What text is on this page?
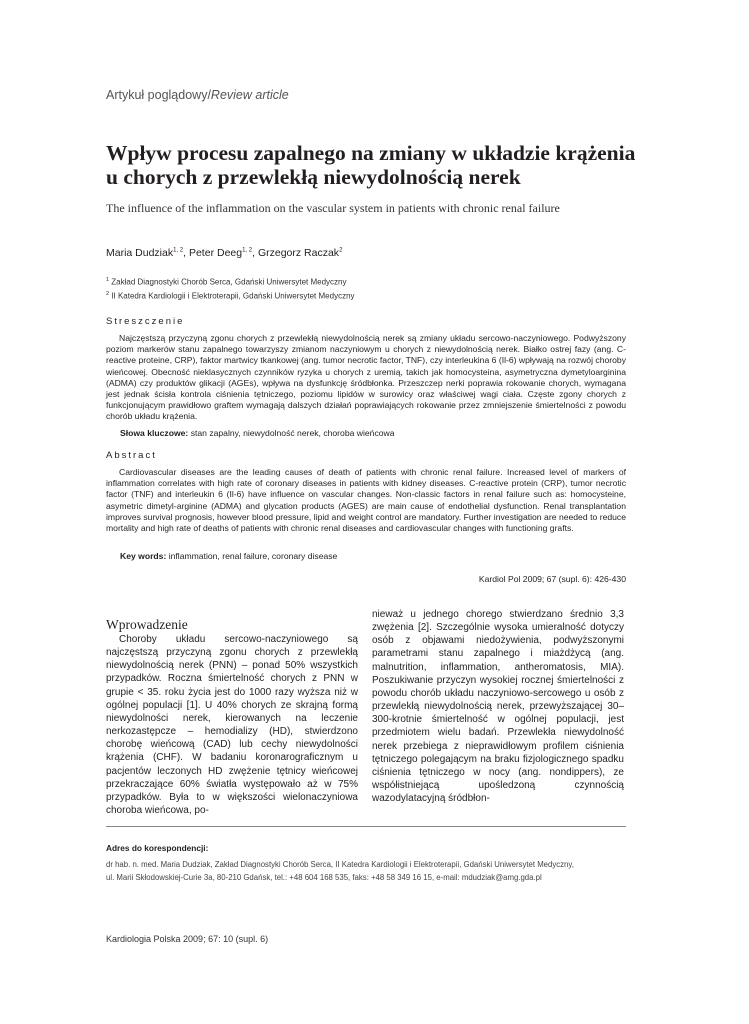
Artykuł poglądowy/Review article
Wpływ procesu zapalnego na zmiany w układzie krążenia
u chorych z przewlekłą niewydolnością nerek
The influence of the inflammation on the vascular system in patients with chronic renal failure
Maria Dudziak$^{1, 2}$, Peter Deeg$^{1, 2}$, Grzegorz Raczak$^2$
$^1$ Zakład Diagnostyki Chorób Serca, Gdański Uniwersytet Medyczny
$^2$ II Katedra Kardiologii i Elektroterapii, Gdański Uniwersytet Medyczny
Streszczenie

Najczęstszą przyczyną zgonu chorych z przewlekłą niewydolnością nerek są zmiany układu sercowo-naczyniowego. Podwyższony poziom markerów stanu zapalnego towarzyszy zmianom naczyniowym u chorych z niewydolnością nerek. Białko ostrej fazy (ang. C-reactive proteine, CRP), faktor martwicy tkankowej (ang. tumor necrotic factor, TNF), czy interleukina 6 (Il-6) wpływają na rozwój choroby wieńcowej. Obecność nieklasycznych czynników ryzyka u chorych z uremią, takich jak homocysteina, asymetryczna dymetyloarginina (ADMA) czy produktów glikacji (AGEs), wpływa na dysfunkcję śródbłonka. Przeszczep nerki poprawia rokowanie chorych, wymagana jest jednak ścisła kontrola ciśnienia tętniczego, poziomu lipidów w surowicy oraz właściwej wagi ciała. Częste zgony chorych z funkcjonującym prawidłowo graftem wymagają dalszych działań poprawiających rokowanie przez zmniejszenie śmiertelności z powodu chorób układu krążenia.

Słowa kluczowe: stan zapalny, niewydolność nerek, choroba wieńcowa
Abstract

Cardiovascular diseases are the leading causes of death of patients with chronic renal failure. Increased level of markers of inflammation correlates with high rate of coronary diseases in patients with kidney diseases. C-reactive protein (CRP), tumor necrotic factor (TNF) and interleukin 6 (Il-6) have influence on vascular changes. Non-classic factors in renal failure such as: homocysteine, asymetric dimetyl-arginine (ADMA) and glycation products (AGES) are main cause of endothelial dysfunction. Renal transplantation improves survival prognosis, however blood pressure, lipid and weight control are mandatory. Further investigation are needed to reduce mortality and high rate of deaths of patients with chronic renal diseases and cardiovascular changes with functioning grafts.

Key words: inflammation, renal failure, coronary disease
Kardiol Pol 2009; 67 (supl. 6): 426-430
Wprowadzenie

Choroby układu sercowo-naczyniowego są najczęstszą przyczyną zgonu chorych z przewlekłą niewydolnością nerek (PNN) – ponad 50% wszystkich przypadków. Roczna śmiertelność chorych z PNN w grupie < 35. roku życia jest do 1000 razy wyższa niż w ogólnej populacji [1]. U 40% chorych ze skrajną formą niewydolności nerek, kierowanych na leczenie nerkozastępcze – hemodializy (HD), stwierdzono chorobę wieńcową (CAD) lub cechy niewydolności krążenia (CHF). W badaniu koronarograficznym u pacjentów leczonych HD zwężenie tętnicy wieńcowej przekraczające 60% światła występowało aż w 75% przypadków. Była to w większości wielonaczyniowa choroba wieńcowa, po-

nieważ u jednego chorego stwierdzano średnio 3,3 zwężenia [2]. Szczególnie wysoka umieralność dotyczy osób z objawami niedożywienia, podwyższonymi parametrami stanu zapalnego i miażdżycą (ang. malnutrition, inflammation, antheromatosis, MIA). Poszukiwanie przyczyn wysokiej rocznej śmiertelności z powodu chorób układu naczyniowo-sercowego u osób z przewlekłą niewydolnością nerek, przewyższającej 30–300-krotnie śmiertelność w ogólnej populacji, jest przedmiotem wielu badań. Przewlekła niewydolność nerek przebiega z nieprawidłowym profilem ciśnienia tętniczego polegającym na braku fizjologicznego spadku ciśnienia tętniczego w nocy (ang. nondippers), ze współistniejącą upośledzoną czynnością wazodylatacyjną śródbłon-

Adres do korespondencji:
dr hab. n. med. Maria Dudziak, Zakład Diagnostyki Chorób Serca, II Katedra Kardiologii i Elektroterapii, Gdański Uniwersytet Medyczny,
ul. Marii Skłodowskiej-Curie 3a, 80-210 Gdańsk, tel.: +48 604 168 535, faks: +48 58 349 16 15, e-mail: mdudziak@amg.gda.pl
Kardiologia Polska 2009; 67: 10 (supl. 6)
